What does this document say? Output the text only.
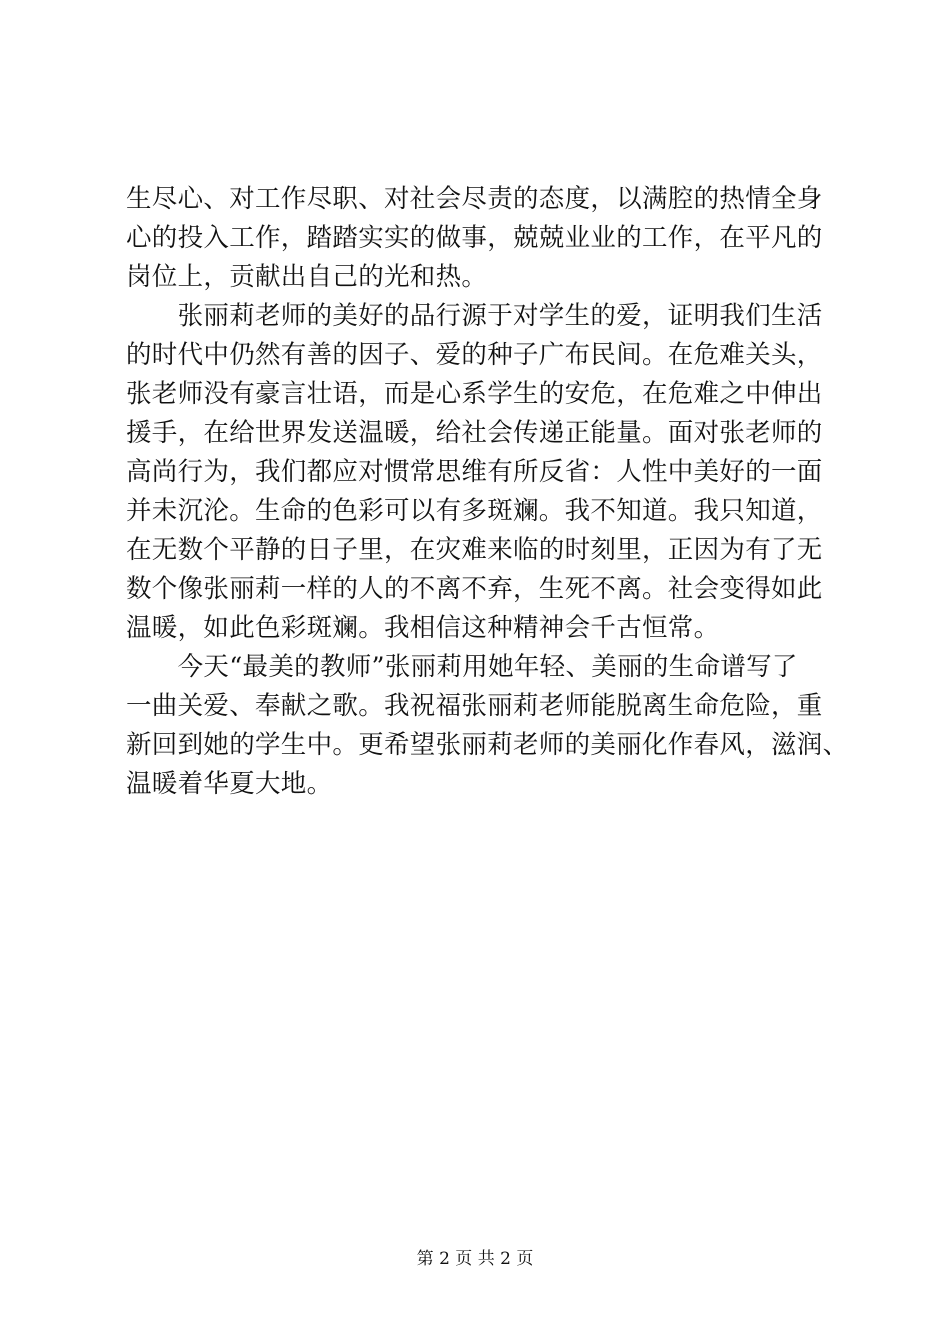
生尽心、对工作尽职、对社会尽责的态度，以满腔的热情全身
心的投入工作，踏踏实实的做事，兢兢业业的工作，在平凡的
岗位上，贡献出自己的光和热。
　　张丽莉老师的美好的品行源于对学生的爱，证明我们生活
的时代中仍然有善的因子、爱的种子广布民间。在危难关头，
张老师没有豪言壮语，而是心系学生的安危，在危难之中伸出
援手，在给世界发送温暖，给社会传递正能量。面对张老师的
高尚行为，我们都应对惯常思维有所反省：人性中美好的一面
并未沉沦。生命的色彩可以有多斑斓。我不知道。我只知道，
在无数个平静的日子里，在灾难来临的时刻里，正因为有了无
数个像张丽莉一样的人的不离不弃，生死不离。社会变得如此
温暖，如此色彩斑斓。我相信这种精神会千古恒常。
　　今天“最美的教师”张丽莉用她年轻、美丽的生命谱写了
一曲关爱、奉献之歌。我祝福张丽莉老师能脱离生命危险，重
新回到她的学生中。更希望张丽莉老师的美丽化作春风，滋润、
温暖着华夏大地。
第 2 页 共 2 页
